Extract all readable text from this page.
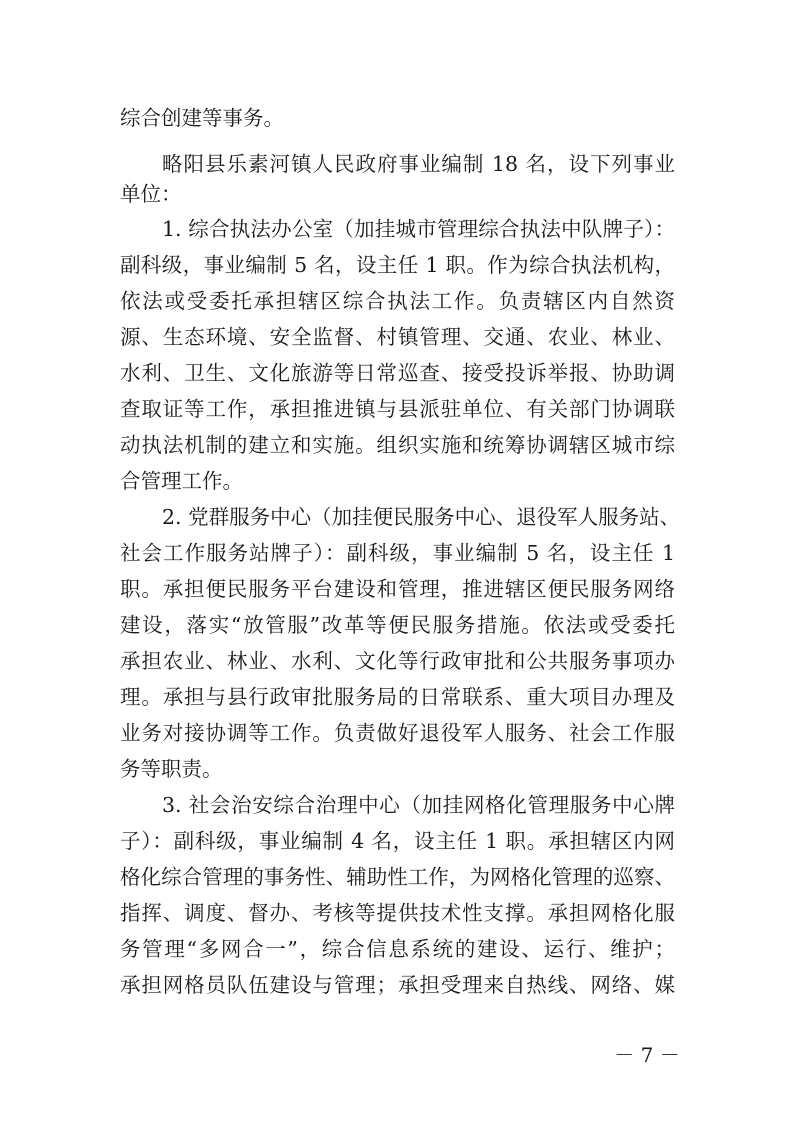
综合创建等事务。
略阳县乐素河镇人民政府事业编制 18 名，设下列事业
单位：
1. 综合执法办公室（加挂城市管理综合执法中队牌子）：
副科级，事业编制 5 名，设主任 1 职。作为综合执法机构，
依法或受委托承担辖区综合执法工作。负责辖区内自然资
源、生态环境、安全监督、村镇管理、交通、农业、林业、
水利、卫生、文化旅游等日常巡查、接受投诉举报、协助调
查取证等工作，承担推进镇与县派驻单位、有关部门协调联
动执法机制的建立和实施。组织实施和统筹协调辖区城市综
合管理工作。
2. 党群服务中心（加挂便民服务中心、退役军人服务站、
社会工作服务站牌子）：副科级，事业编制 5 名，设主任 1
职。承担便民服务平台建设和管理，推进辖区便民服务网络
建设，落实“放管服”改革等便民服务措施。依法或受委托
承担农业、林业、水利、文化等行政审批和公共服务事项办
理。承担与县行政审批服务局的日常联系、重大项目办理及
业务对接协调等工作。负责做好退役军人服务、社会工作服
务等职责。
3. 社会治安综合治理中心（加挂网格化管理服务中心牌
子）：副科级，事业编制 4 名，设主任 1 职。承担辖区内网
格化综合管理的事务性、辅助性工作，为网格化管理的巡察、
指挥、调度、督办、考核等提供技术性支撑。承担网格化服
务管理“多网合一”，综合信息系统的建设、运行、维护；
承担网格员队伍建设与管理；承担受理来自热线、网络、媒
－ 7 －
